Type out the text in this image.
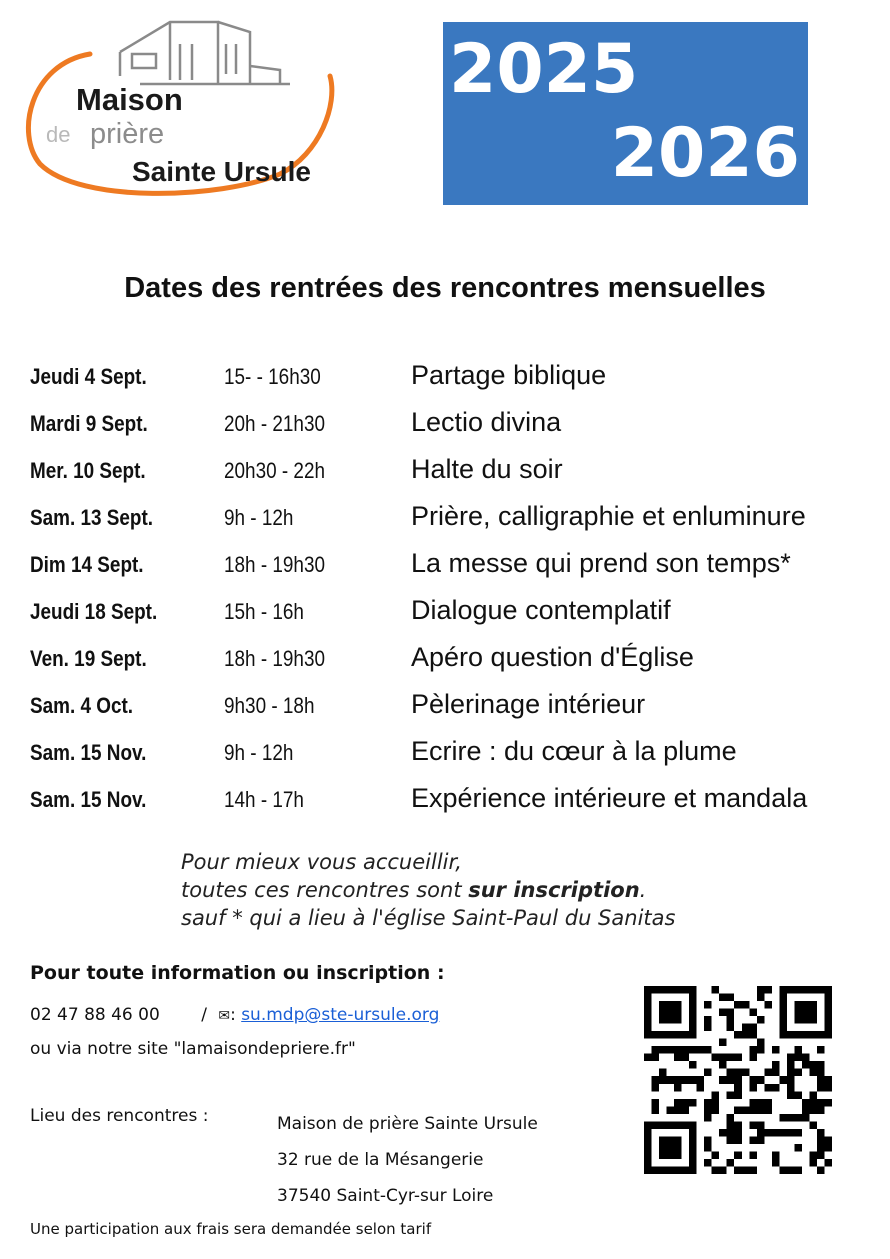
Maison
de prière
Sainte Ursule
2025
2026
Dates des rentrées des rencontres mensuelles
Jeudi 4 Sept.	15- - 16h30	Partage biblique
Mardi 9 Sept.	20h - 21h30	Lectio divina
Mer. 10 Sept.	20h30 - 22h	Halte du soir
Sam. 13 Sept.	9h - 12h	Prière, calligraphie et enluminure
Dim 14 Sept.	18h - 19h30	La messe qui prend son temps*
Jeudi 18 Sept.	15h - 16h	Dialogue contemplatif
Ven. 19 Sept.	18h - 19h30	Apéro question d'Église
Sam. 4 Oct.	9h30 - 18h	Pèlerinage intérieur
Sam. 15 Nov.	9h - 12h	Ecrire : du cœur à la plume
Sam. 15 Nov.	14h - 17h	Expérience intérieure et mandala
Pour mieux vous accueillir,
toutes ces rencontres sont sur inscription.
sauf * qui a lieu à l'église Saint-Paul du Sanitas
Pour toute information ou inscription :
02 47 88 46 00 / ✉: su.mdp@ste-ursule.org
ou via notre site "lamaisondepriere.fr"
Lieu des rencontres :	Maison de prière Sainte Ursule
32 rue de la Mésangerie
37540 Saint-Cyr-sur Loire
Une participation aux frais sera demandée selon tarif
